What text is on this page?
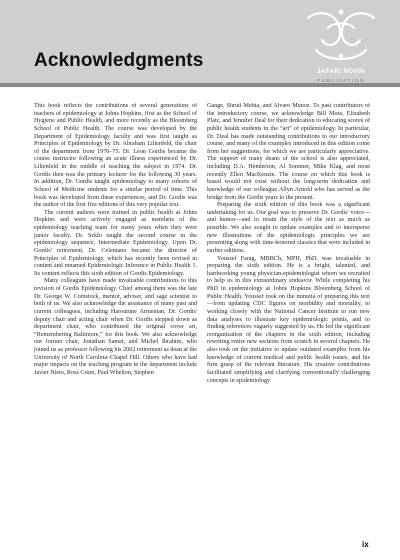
Acknowledgments
JAFARI NOVIN
PUBLICATION

This book reflects the contributions of several generations of teachers of epidemiology at Johns Hopkins, first as the School of Hygiene and Public Health, and more recently as the Bloomberg School of Public Health. The course was developed by the Department of Epidemiology faculty and was first taught as Principles of Epidemiology by Dr. Abraham Lilienfeld, the chair of the department from 1970–75. Dr. Leon Gordis became the course instructor following an acute illness experienced by Dr. Lilienfeld in the middle of teaching the subject in 1974. Dr. Gordis then was the primary lecturer for the following 30 years. In addition, Dr. Gordis taught epidemiology to many cohorts of School of Medicine students for a similar period of time. This book was developed from these experiences, and Dr. Gordis was the author of the first five editions of this very popular text.

The current authors were trained in public health at Johns Hopkins and were actively engaged as members of the epidemiology teaching team for many years when they were junior faculty. Dr. Szklo taught the second course in the epidemiology sequence, Intermediate Epidemiology. Upon Dr. Gordis' retirement, Dr. Celentano became the director of Principles of Epidemiology, which has recently been revised in content and renamed Epidemiologic Inference in Public Health 1. Its content reflects this sixth edition of Gordis Epidemiology.

Many colleagues have made invaluable contributions to this revision of Gordis Epidemiology. Chief among them was the late Dr. George W. Comstock, mentor, adviser, and sage scientist to both of us. We also acknowledge the assistance of many past and current colleagues, including Haroutune Armenian, Dr. Gordis' deputy chair and acting chair when Dr. Gordis stepped down as department chair, who contributed the original cover art, “Remembering Baltimore,” for this book. We also acknowledge our former chair, Jonathan Samet, and Michel Ibrahim, who joined us as professor following his 2002 retirement as dean at the University of North Carolina–Chapel Hill. Others who have had major impacts on the teaching program in the department include Javier Nieto, Ross Crum, Paul Whelton, Stephen

Gange, Shruti Mehta, and Alvaro Munoz. To past contributors of the introductory course, we acknowledge Bill Moss, Elizabeth Platz, and Jennifer Deal for their dedication to educating scores of public health students in the “art” of epidemiology. In particular, Dr. Deal has made outstanding contributions to our introductory course, and many of the examples introduced in this edition come from her suggestions, for which we are particularly appreciative. The support of many deans of the school is also appreciated, including D.A. Henderson, Al Sommer, Mike Klag, and most recently Ellen MacKenzie. The course on which this book is based would not exist without the long-term dedication and knowledge of our colleague Allyn Arnold who has served as the bridge from the Gordis years to the present.

Preparing the sixth edition of this book was a significant undertaking for us. Our goal was to preserve Dr. Gordis' voice—and humor—and to retain the style of the text as much as possible. We also sought to update examples and to intersperse new illustrations of the epidemiologic principles we are presenting along with time-honored classics that were included in earlier editions.

Youssef Farag, MBBCh, MPH, PhD, was invaluable in preparing the sixth edition. He is a bright, talented, and hardworking young physician-epidemiologist whom we recruited to help us in this extraordinary endeavor. While completing his PhD in epidemiology at Johns Hopkins Bloomberg School of Public Health, Youssef took on the minutia of preparing this text—from updating CDC figures on morbidity and mortality, to working closely with the National Cancer Institute to run new data analyses to illustrate key epidemiologic points, and to finding references vaguely suggested by us. He led the significant reorganization of the chapters in the sixth edition, including rewriting entire new sections from scratch in several chapters. He also took on the initiative to update outdated examples from his knowledge of current medical and public health issues, and his firm grasp of the relevant literature. His creative contributions facilitated simplifying and clarifying conventionally challenging concepts in epidemiology

ix
